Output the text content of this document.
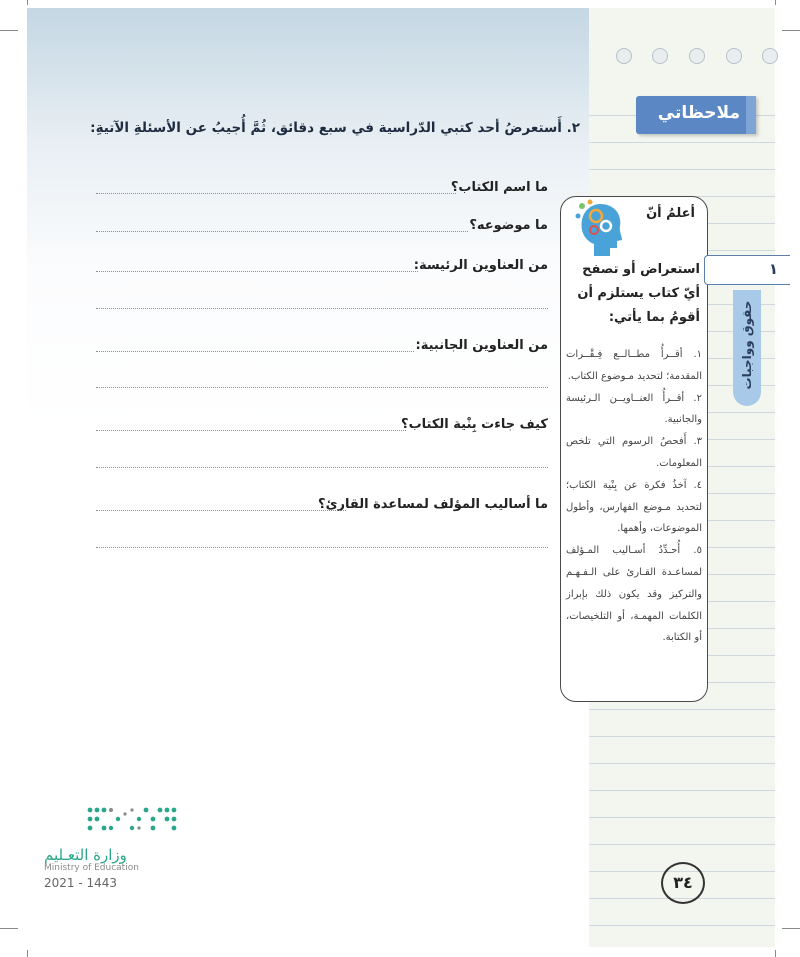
ملاحظاتي
٢. أَستعرضُ أحد كتبي الدّراسية في سبع دقائق، ثُمَّ أُجيبُ عن الأسئلةِ الآتيةِ:
ما اسم الكتاب؟
ما موضوعه؟
من العناوين الرئيسة:
من العناوين الجانبية:
كيف جاءت بِنْية الكتاب؟
ما أساليب المؤلف لمساعدة القارئ؟
أعلمُ أنّ
استعراض أو تصفح أيّ كتاب يستلزم أن أقومُ بما يأتي:

١. أقــرأُ مطــالــع فِـقْــرات المقدمة؛ لتحديد مـوضوع الكتاب.

٢. أقــرأُ العنــاويــن الـرئيسة والجانبية.

٣. أَفحصُ الرسوم التي تلخص المعلومات.

٤. آخذُ فكرة عن بِنْية الكتاب؛ لتحديد مـوضع الفهارس، وأطول الموضوعات، وأهمها.

٥. أُحـدِّدُ أسـاليب المـؤلف لمساعـدة القـارئ على الـفـهـم والتركيز وقد يكون ذلك بإبراز الكلمات المهمـة، أو التلخيصات، أو الكتابة.

١
حقوق وواجبات
٣٤
وزارة التعـليم
Ministry of Education
2021 - 1443
